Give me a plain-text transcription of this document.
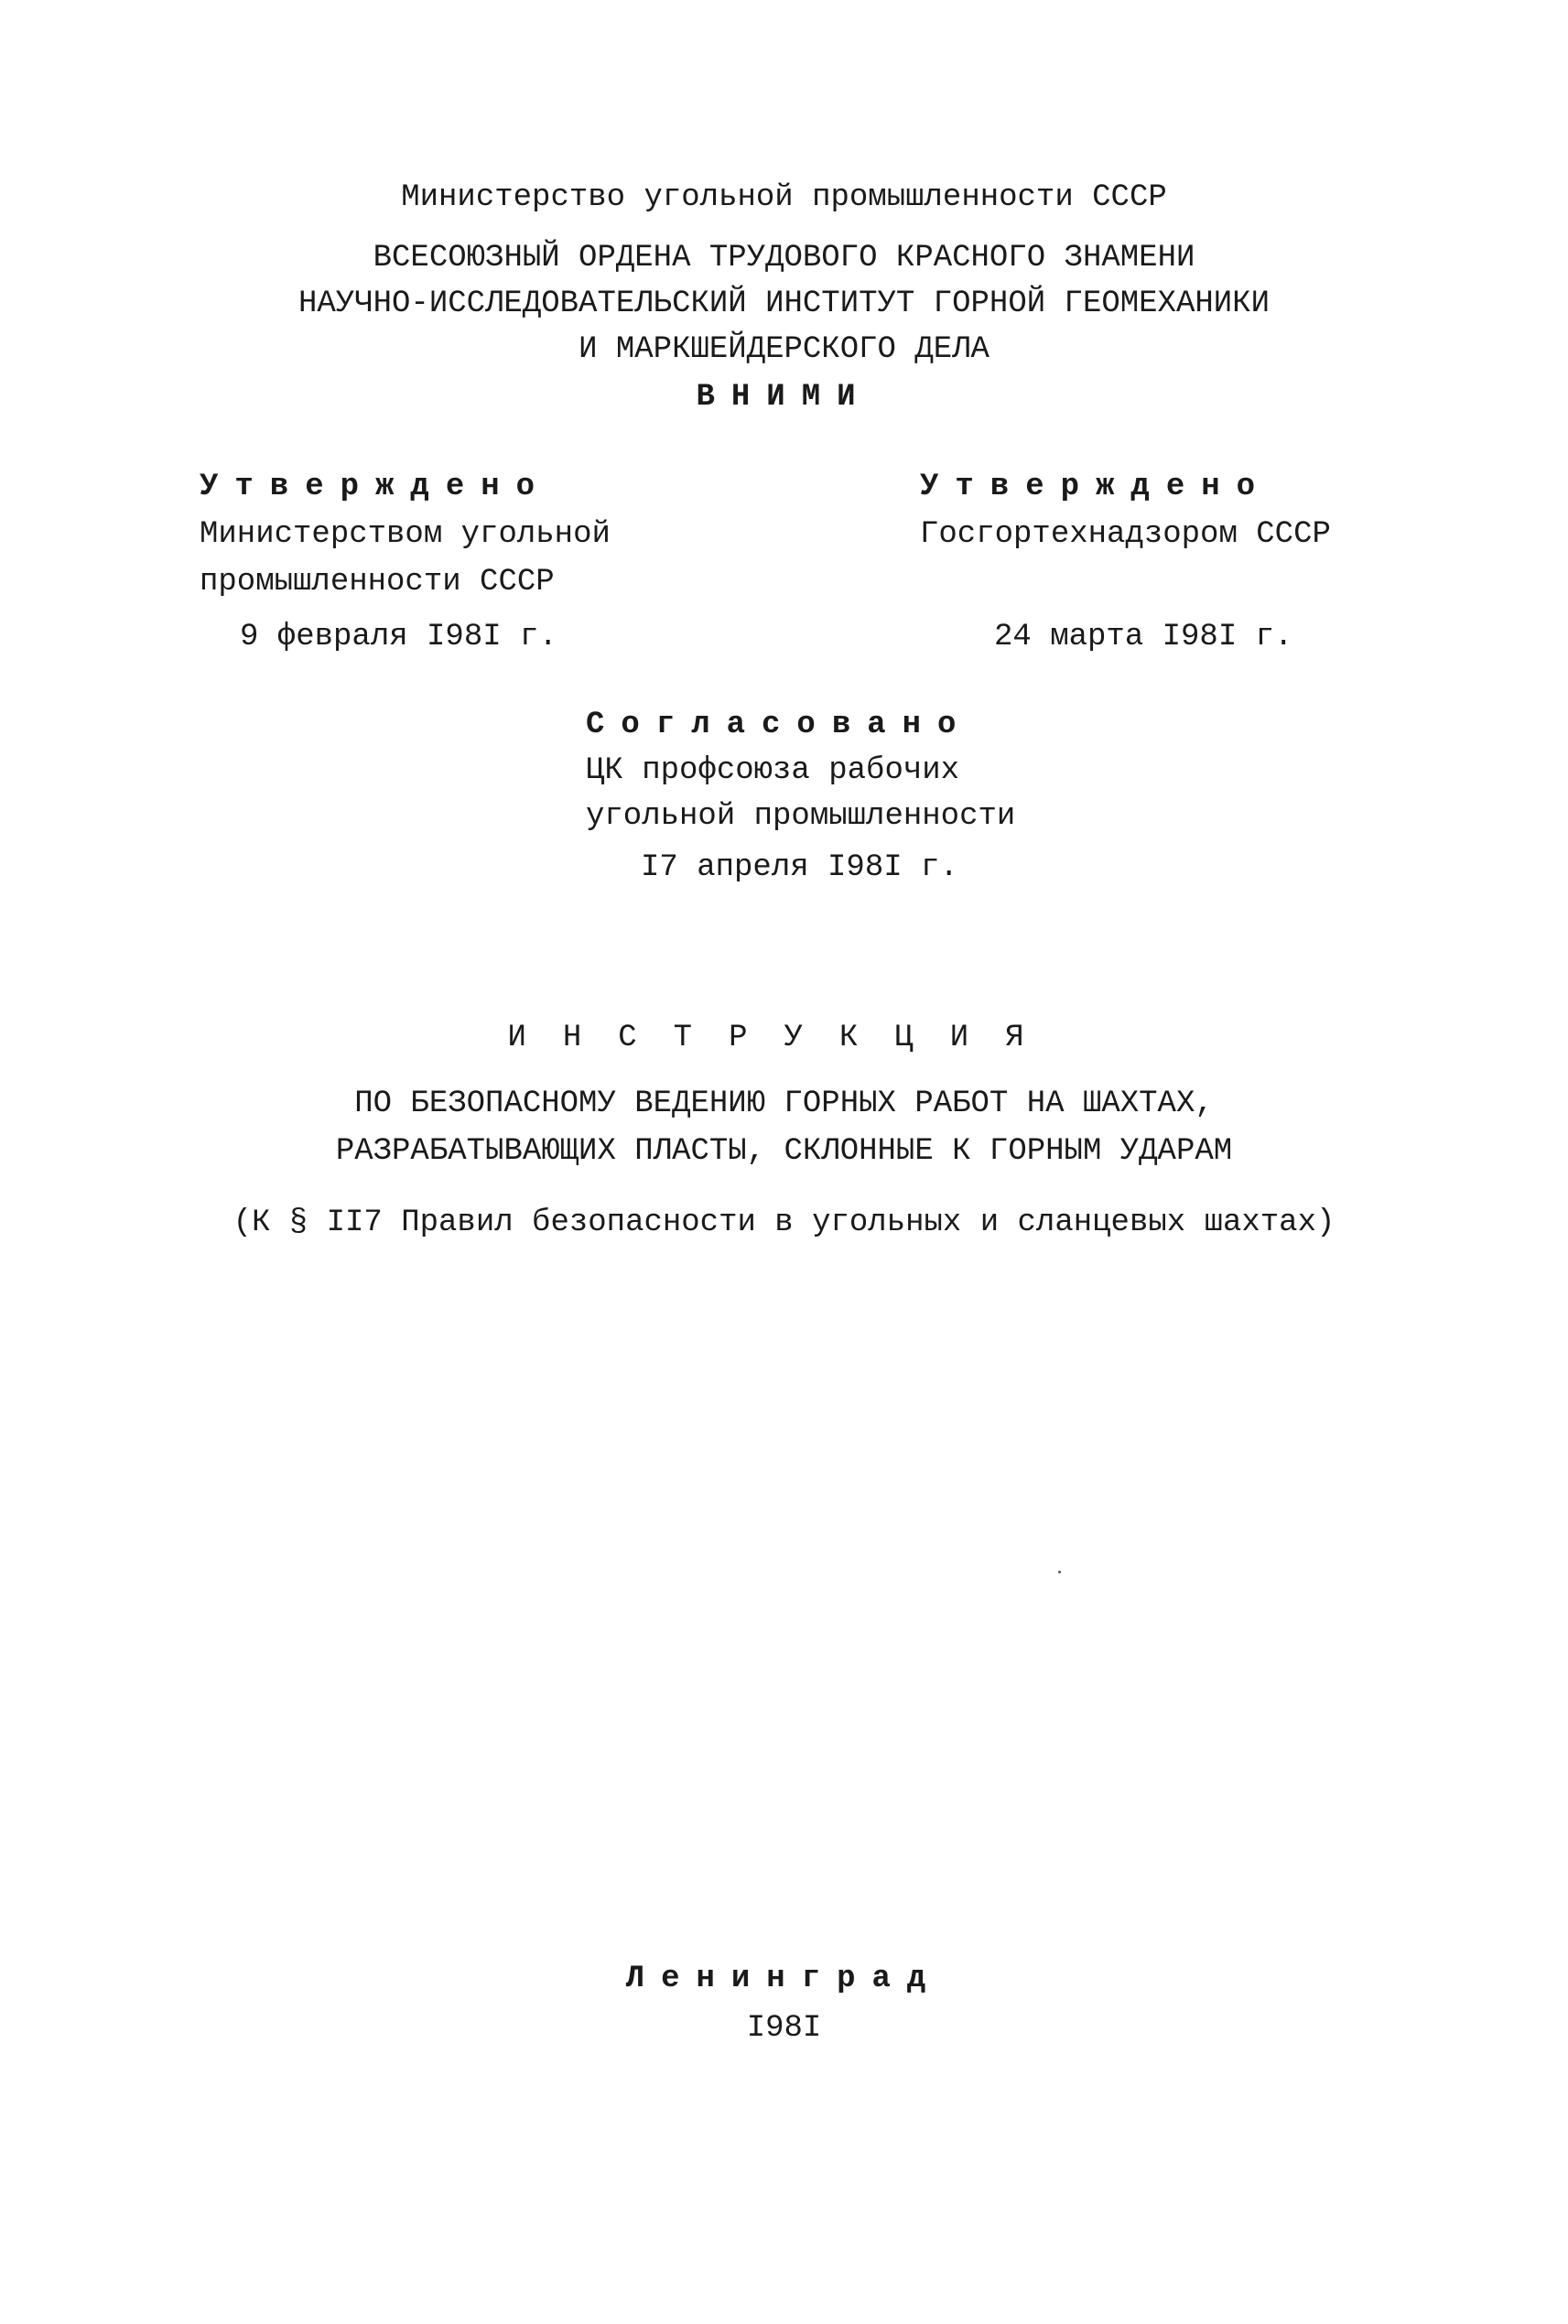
Министерство угольной промышленности СССР
ВСЕСОЮЗНЫЙ ОРДЕНА ТРУДОВОГО КРАСНОГО ЗНАМЕНИ
НАУЧНО-ИССЛЕДОВАТЕЛЬСКИЙ ИНСТИТУТ ГОРНОЙ ГЕОМЕХАНИКИ
И МАРКШЕЙДЕРСКОГО ДЕЛА
ВНИМИ
Утверждено
Министерством угольной
промышленности СССР
9 февраля I98I г.
Утверждено
Госгортехнадзором СССР
24 марта I98I г.
Согласовано
ЦК профсоюза рабочих
угольной промышленности
I7 апреля I98I г.
ИНСТРУКЦИЯ
ПО БЕЗОПАСНОМУ ВЕДЕНИЮ ГОРНЫХ РАБОТ НА ШАХТАХ,
РАЗРАБАТЫВАЮЩИХ ПЛАСТЫ, СКЛОННЫЕ К ГОРНЫМ УДАРАМ
(К § II7 Правил безопасности в угольных и сланцевых шахтах)
Ленинград
I98I
